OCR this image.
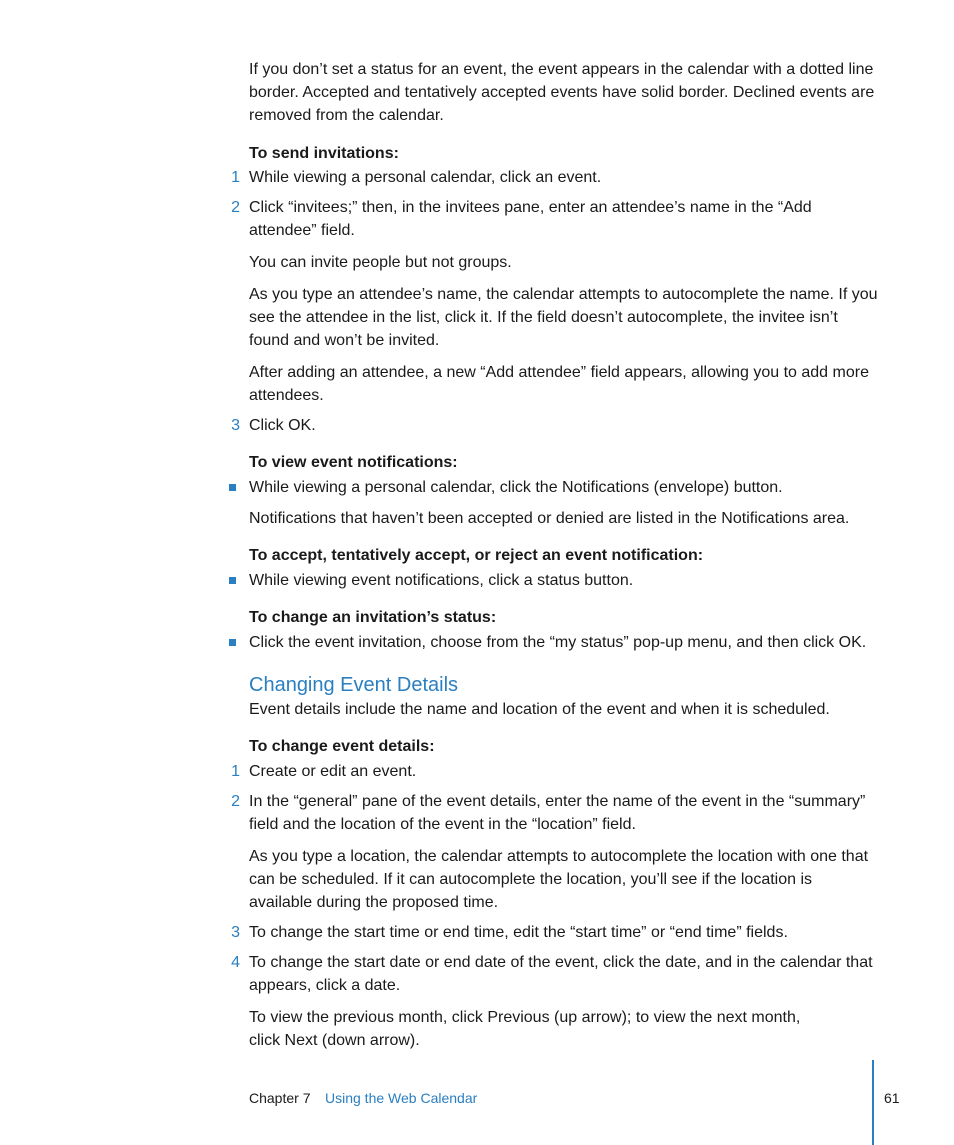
If you don’t set a status for an event, the event appears in the calendar with a dotted line border. Accepted and tentatively accepted events have solid border. Declined events are removed from the calendar.

To send invitations:

1 While viewing a personal calendar, click an event.

2 Click “invitees;” then, in the invitees pane, enter an attendee’s name in the “Add attendee” field.

You can invite people but not groups.

As you type an attendee’s name, the calendar attempts to autocomplete the name. If you see the attendee in the list, click it. If the field doesn’t autocomplete, the invitee isn’t found and won’t be invited.

After adding an attendee, a new “Add attendee” field appears, allowing you to add more attendees.

3 Click OK.

To view event notifications:

While viewing a personal calendar, click the Notifications (envelope) button.

Notifications that haven’t been accepted or denied are listed in the Notifications area.

To accept, tentatively accept, or reject an event notification:

While viewing event notifications, click a status button.

To change an invitation’s status:

Click the event invitation, choose from the “my status” pop-up menu, and then click OK.

Changing Event Details

Event details include the name and location of the event and when it is scheduled.

To change event details:

1 Create or edit an event.

2 In the “general” pane of the event details, enter the name of the event in the “summary” field and the location of the event in the “location” field.

As you type a location, the calendar attempts to autocomplete the location with one that can be scheduled. If it can autocomplete the location, you’ll see if the location is available during the proposed time.

3 To change the start time or end time, edit the “start time” or “end time” fields.

4 To change the start date or end date of the event, click the date, and in the calendar that appears, click a date.

To view the previous month, click Previous (up arrow); to view the next month, click Next (down arrow).

Chapter 7 Using the Web Calendar	61
